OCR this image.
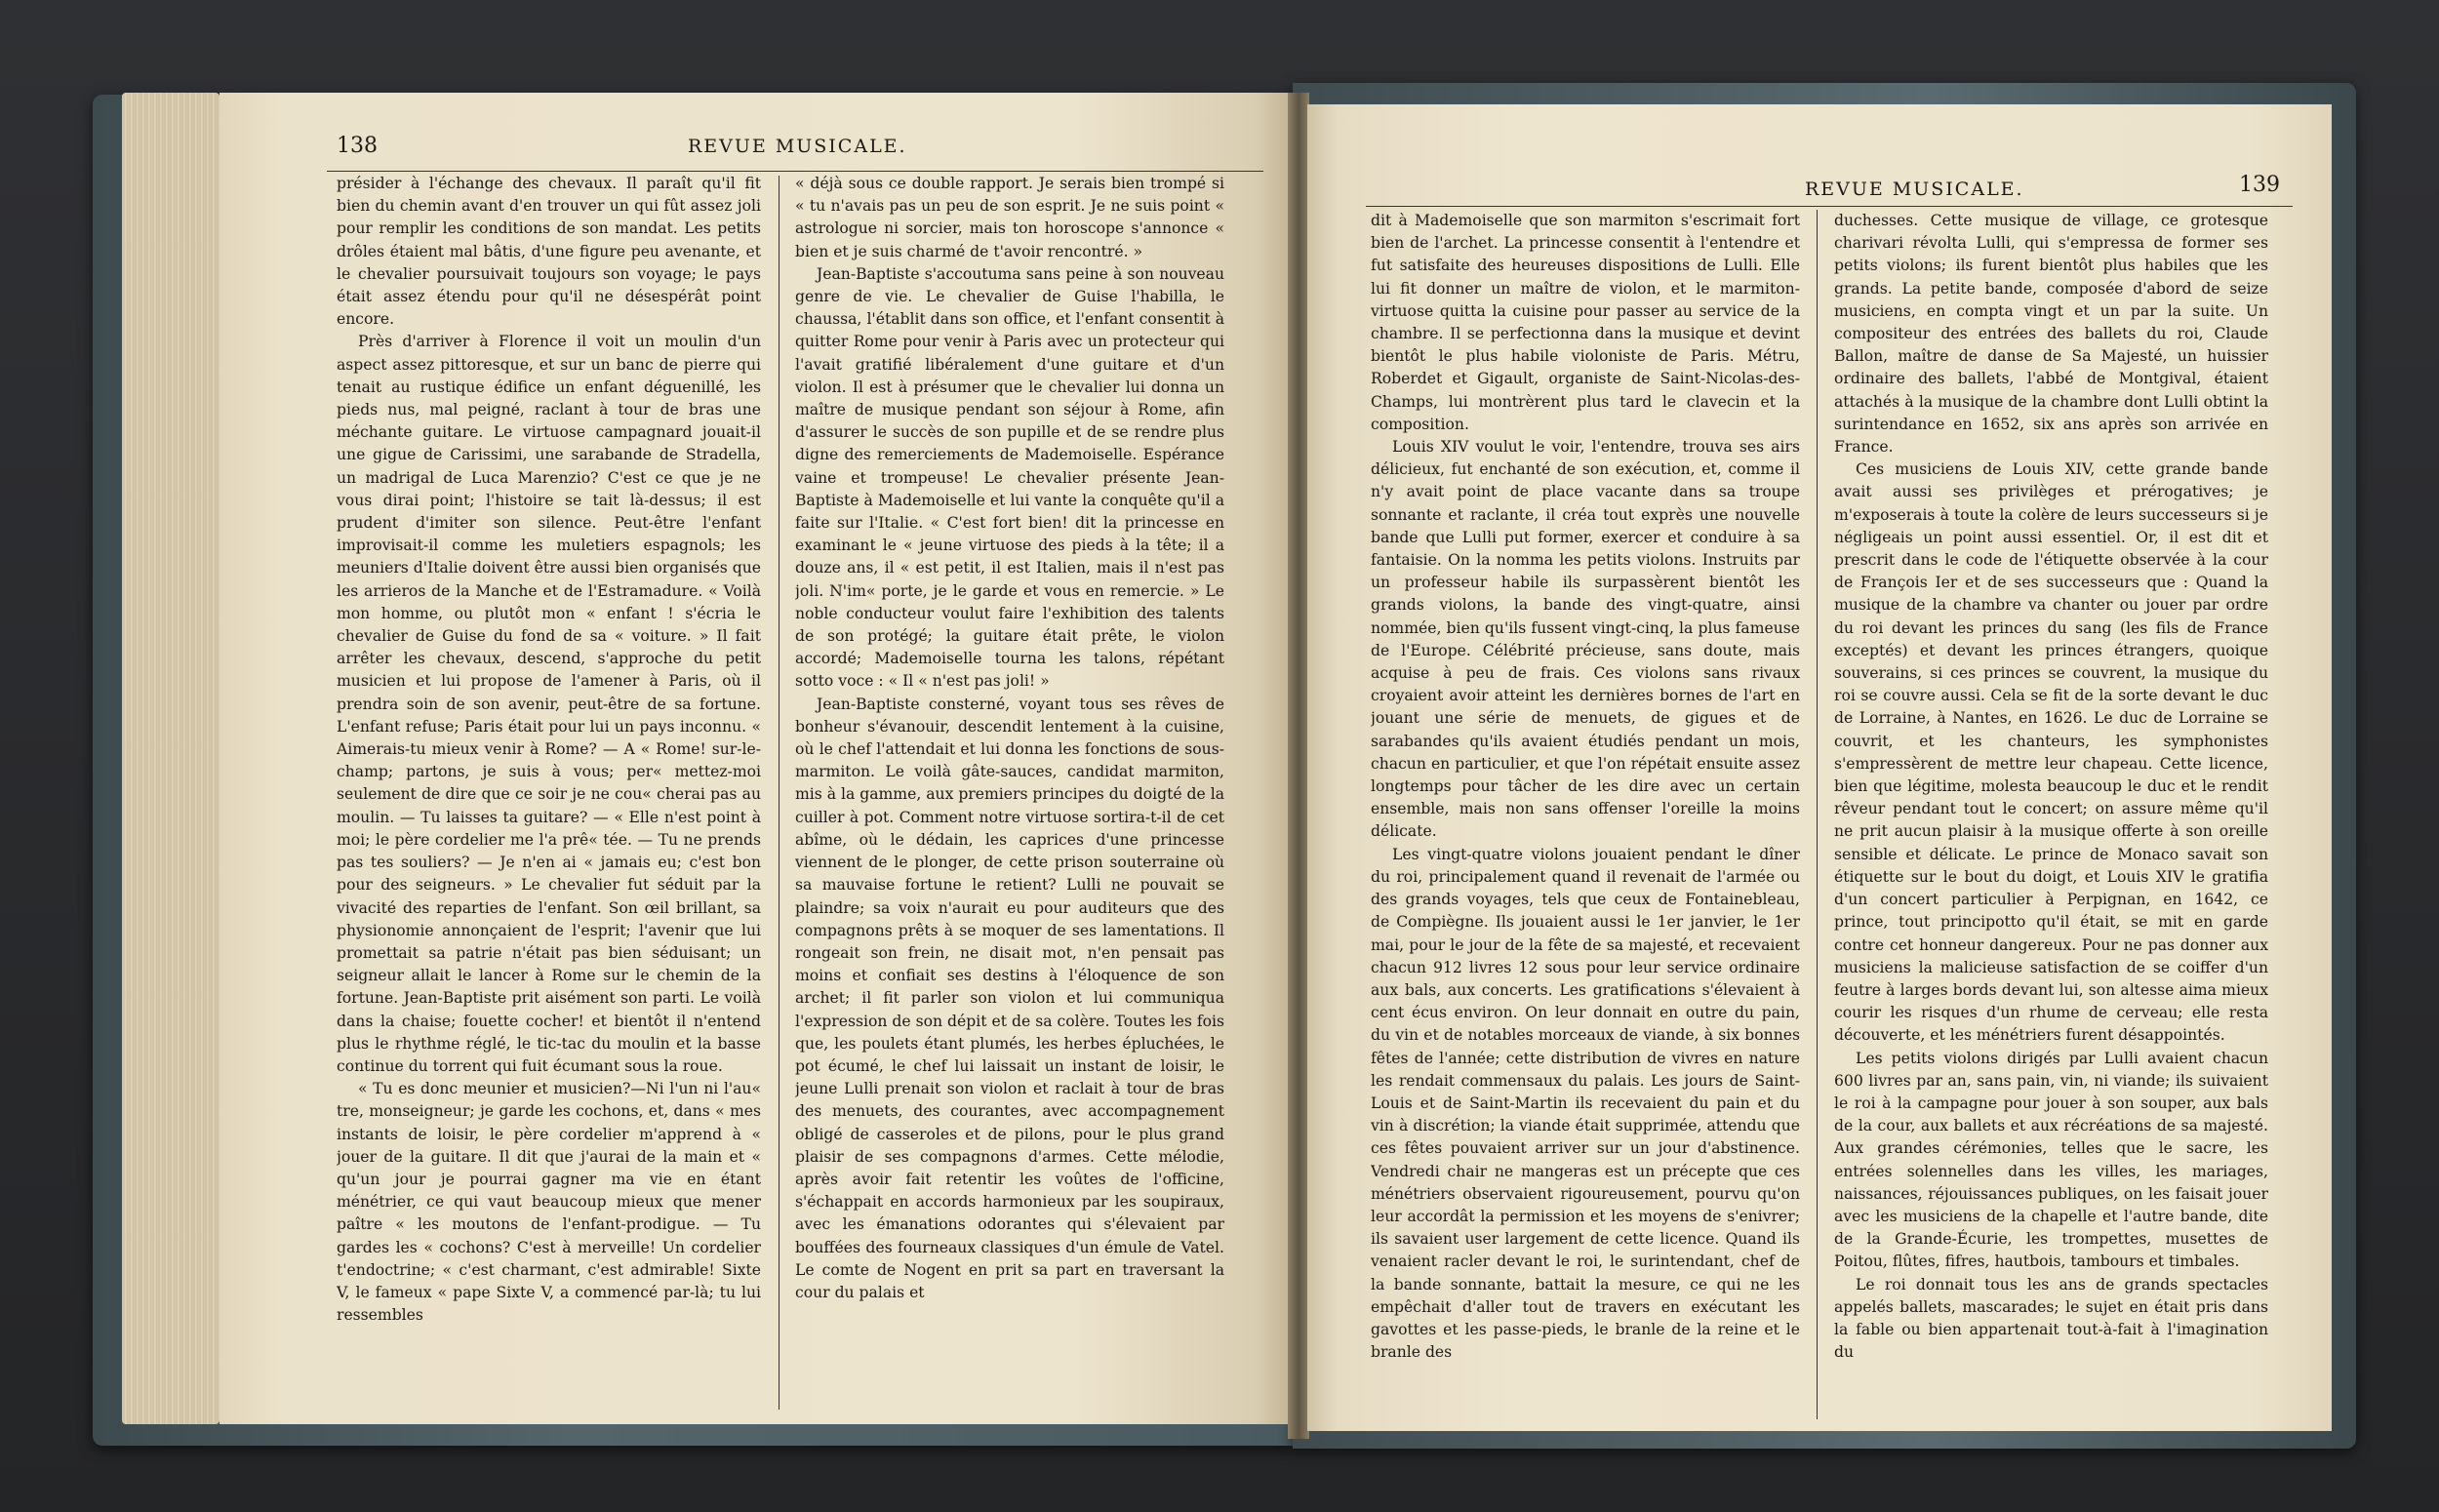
138	REVUE MUSICALE.

présider à l'échange des chevaux. Il paraît qu'il fit bien du chemin avant d'en trouver un qui fût assez joli pour remplir les conditions de son mandat. Les petits drôles étaient mal bâtis, d'une figure peu avenante, et le chevalier poursuivait toujours son voyage; le pays était assez étendu pour qu'il ne désespérât point encore.

Près d'arriver à Florence il voit un moulin d'un aspect assez pittoresque, et sur un banc de pierre qui tenait au rustique édifice un enfant déguenillé, les pieds nus, mal peigné, raclant à tour de bras une méchante guitare. Le virtuose campagnard jouait-il une gigue de Carissimi, une sarabande de Stradella, un madrigal de Luca Marenzio? C'est ce que je ne vous dirai point; l'histoire se tait là-dessus; il est prudent d'imiter son silence. Peut-être l'enfant improvisait-il comme les muletiers espagnols; les meuniers d'Italie doivent être aussi bien organisés que les arrieros de la Manche et de l'Estramadure. « Voilà mon homme, ou plutôt mon « enfant ! s'écria le chevalier de Guise du fond de sa « voiture. » Il fait arrêter les chevaux, descend, s'approche du petit musicien et lui propose de l'amener à Paris, où il prendra soin de son avenir, peut-être de sa fortune. L'enfant refuse; Paris était pour lui un pays inconnu. « Aimerais-tu mieux venir à Rome? — A « Rome! sur-le-champ; partons, je suis à vous; per« mettez-moi seulement de dire que ce soir je ne cou« cherai pas au moulin. — Tu laisses ta guitare? — « Elle n'est point à moi; le père cordelier me l'a prê« tée. — Tu ne prends pas tes souliers? — Je n'en ai « jamais eu; c'est bon pour des seigneurs. » Le chevalier fut séduit par la vivacité des reparties de l'enfant. Son œil brillant, sa physionomie annonçaient de l'esprit; l'avenir que lui promettait sa patrie n'était pas bien séduisant; un seigneur allait le lancer à Rome sur le chemin de la fortune. Jean-Baptiste prit aisément son parti. Le voilà dans la chaise; fouette cocher! et bientôt il n'entend plus le rhythme réglé, le tic-tac du moulin et la basse continue du torrent qui fuit écumant sous la roue.

« Tu es donc meunier et musicien?—Ni l'un ni l'au« tre, monseigneur; je garde les cochons, et, dans « mes instants de loisir, le père cordelier m'apprend à « jouer de la guitare. Il dit que j'aurai de la main et « qu'un jour je pourrai gagner ma vie en étant ménétrier, ce qui vaut beaucoup mieux que mener paître « les moutons de l'enfant-prodigue. — Tu gardes les « cochons? C'est à merveille! Un cordelier t'endoctrine; « c'est charmant, c'est admirable! Sixte V, le fameux « pape Sixte V, a commencé par-là; tu lui ressembles

« déjà sous ce double rapport. Je serais bien trompé si « tu n'avais pas un peu de son esprit. Je ne suis point « astrologue ni sorcier, mais ton horoscope s'annonce « bien et je suis charmé de t'avoir rencontré. »

Jean-Baptiste s'accoutuma sans peine à son nouveau genre de vie. Le chevalier de Guise l'habilla, le chaussa, l'établit dans son office, et l'enfant consentit à quitter Rome pour venir à Paris avec un protecteur qui l'avait gratifié libéralement d'une guitare et d'un violon. Il est à présumer que le chevalier lui donna un maître de musique pendant son séjour à Rome, afin d'assurer le succès de son pupille et de se rendre plus digne des remerciements de Mademoiselle. Espérance vaine et trompeuse! Le chevalier présente Jean-Baptiste à Mademoiselle et lui vante la conquête qu'il a faite sur l'Italie. « C'est fort bien! dit la princesse en examinant le « jeune virtuose des pieds à la tête; il a douze ans, il « est petit, il est Italien, mais il n'est pas joli. N'im« porte, je le garde et vous en remercie. » Le noble conducteur voulut faire l'exhibition des talents de son protégé; la guitare était prête, le violon accordé; Mademoiselle tourna les talons, répétant sotto voce : « Il « n'est pas joli! »

Jean-Baptiste consterné, voyant tous ses rêves de bonheur s'évanouir, descendit lentement à la cuisine, où le chef l'attendait et lui donna les fonctions de sous-marmiton. Le voilà gâte-sauces, candidat marmiton, mis à la gamme, aux premiers principes du doigté de la cuiller à pot. Comment notre virtuose sortira-t-il de cet abîme, où le dédain, les caprices d'une princesse viennent de le plonger, de cette prison souterraine où sa mauvaise fortune le retient? Lulli ne pouvait se plaindre; sa voix n'aurait eu pour auditeurs que des compagnons prêts à se moquer de ses lamentations. Il rongeait son frein, ne disait mot, n'en pensait pas moins et confiait ses destins à l'éloquence de son archet; il fit parler son violon et lui communiqua l'expression de son dépit et de sa colère. Toutes les fois que, les poulets étant plumés, les herbes épluchées, le pot écumé, le chef lui laissait un instant de loisir, le jeune Lulli prenait son violon et raclait à tour de bras des menuets, des courantes, avec accompagnement obligé de casseroles et de pilons, pour le plus grand plaisir de ses compagnons d'armes. Cette mélodie, après avoir fait retentir les voûtes de l'officine, s'échappait en accords harmonieux par les soupiraux, avec les émanations odorantes qui s'élevaient par bouffées des fourneaux classiques d'un émule de Vatel. Le comte de Nogent en prit sa part en traversant la cour du palais et

REVUE MUSICALE.	139

dit à Mademoiselle que son marmiton s'escrimait fort bien de l'archet. La princesse consentit à l'entendre et fut satisfaite des heureuses dispositions de Lulli. Elle lui fit donner un maître de violon, et le marmiton-virtuose quitta la cuisine pour passer au service de la chambre. Il se perfectionna dans la musique et devint bientôt le plus habile violoniste de Paris. Métru, Roberdet et Gigault, organiste de Saint-Nicolas-des-Champs, lui montrèrent plus tard le clavecin et la composition.

Louis XIV voulut le voir, l'entendre, trouva ses airs délicieux, fut enchanté de son exécution, et, comme il n'y avait point de place vacante dans sa troupe sonnante et raclante, il créa tout exprès une nouvelle bande que Lulli put former, exercer et conduire à sa fantaisie. On la nomma les petits violons. Instruits par un professeur habile ils surpassèrent bientôt les grands violons, la bande des vingt-quatre, ainsi nommée, bien qu'ils fussent vingt-cinq, la plus fameuse de l'Europe. Célébrité précieuse, sans doute, mais acquise à peu de frais. Ces violons sans rivaux croyaient avoir atteint les dernières bornes de l'art en jouant une série de menuets, de gigues et de sarabandes qu'ils avaient étudiés pendant un mois, chacun en particulier, et que l'on répétait ensuite assez longtemps pour tâcher de les dire avec un certain ensemble, mais non sans offenser l'oreille la moins délicate.

Les vingt-quatre violons jouaient pendant le dîner du roi, principalement quand il revenait de l'armée ou des grands voyages, tels que ceux de Fontainebleau, de Compiègne. Ils jouaient aussi le 1er janvier, le 1er mai, pour le jour de la fête de sa majesté, et recevaient chacun 912 livres 12 sous pour leur service ordinaire aux bals, aux concerts. Les gratifications s'élevaient à cent écus environ. On leur donnait en outre du pain, du vin et de notables morceaux de viande, à six bonnes fêtes de l'année; cette distribution de vivres en nature les rendait commensaux du palais. Les jours de Saint-Louis et de Saint-Martin ils recevaient du pain et du vin à discrétion; la viande était supprimée, attendu que ces fêtes pouvaient arriver sur un jour d'abstinence. Vendredi chair ne mangeras est un précepte que ces ménétriers observaient rigoureusement, pourvu qu'on leur accordât la permission et les moyens de s'enivrer; ils savaient user largement de cette licence. Quand ils venaient racler devant le roi, le surintendant, chef de la bande sonnante, battait la mesure, ce qui ne les empêchait d'aller tout de travers en exécutant les gavottes et les passe-pieds, le branle de la reine et le branle des

duchesses. Cette musique de village, ce grotesque charivari révolta Lulli, qui s'empressa de former ses petits violons; ils furent bientôt plus habiles que les grands. La petite bande, composée d'abord de seize musiciens, en compta vingt et un par la suite. Un compositeur des entrées des ballets du roi, Claude Ballon, maître de danse de Sa Majesté, un huissier ordinaire des ballets, l'abbé de Montgival, étaient attachés à la musique de la chambre dont Lulli obtint la surintendance en 1652, six ans après son arrivée en France.

Ces musiciens de Louis XIV, cette grande bande avait aussi ses privilèges et prérogatives; je m'exposerais à toute la colère de leurs successeurs si je négligeais un point aussi essentiel. Or, il est dit et prescrit dans le code de l'étiquette observée à la cour de François Ier et de ses successeurs que : Quand la musique de la chambre va chanter ou jouer par ordre du roi devant les princes du sang (les fils de France exceptés) et devant les princes étrangers, quoique souverains, si ces princes se couvrent, la musique du roi se couvre aussi. Cela se fit de la sorte devant le duc de Lorraine, à Nantes, en 1626. Le duc de Lorraine se couvrit, et les chanteurs, les symphonistes s'empressèrent de mettre leur chapeau. Cette licence, bien que légitime, molesta beaucoup le duc et le rendit rêveur pendant tout le concert; on assure même qu'il ne prit aucun plaisir à la musique offerte à son oreille sensible et délicate. Le prince de Monaco savait son étiquette sur le bout du doigt, et Louis XIV le gratifia d'un concert particulier à Perpignan, en 1642, ce prince, tout principotto qu'il était, se mit en garde contre cet honneur dangereux. Pour ne pas donner aux musiciens la malicieuse satisfaction de se coiffer d'un feutre à larges bords devant lui, son altesse aima mieux courir les risques d'un rhume de cerveau; elle resta découverte, et les ménétriers furent désappointés.

Les petits violons dirigés par Lulli avaient chacun 600 livres par an, sans pain, vin, ni viande; ils suivaient le roi à la campagne pour jouer à son souper, aux bals de la cour, aux ballets et aux récréations de sa majesté. Aux grandes cérémonies, telles que le sacre, les entrées solennelles dans les villes, les mariages, naissances, réjouissances publiques, on les faisait jouer avec les musiciens de la chapelle et l'autre bande, dite de la Grande-Écurie, les trompettes, musettes de Poitou, flûtes, fifres, hautbois, tambours et timbales.

Le roi donnait tous les ans de grands spectacles appelés ballets, mascarades; le sujet en était pris dans la fable ou bien appartenait tout-à-fait à l'imagination du
